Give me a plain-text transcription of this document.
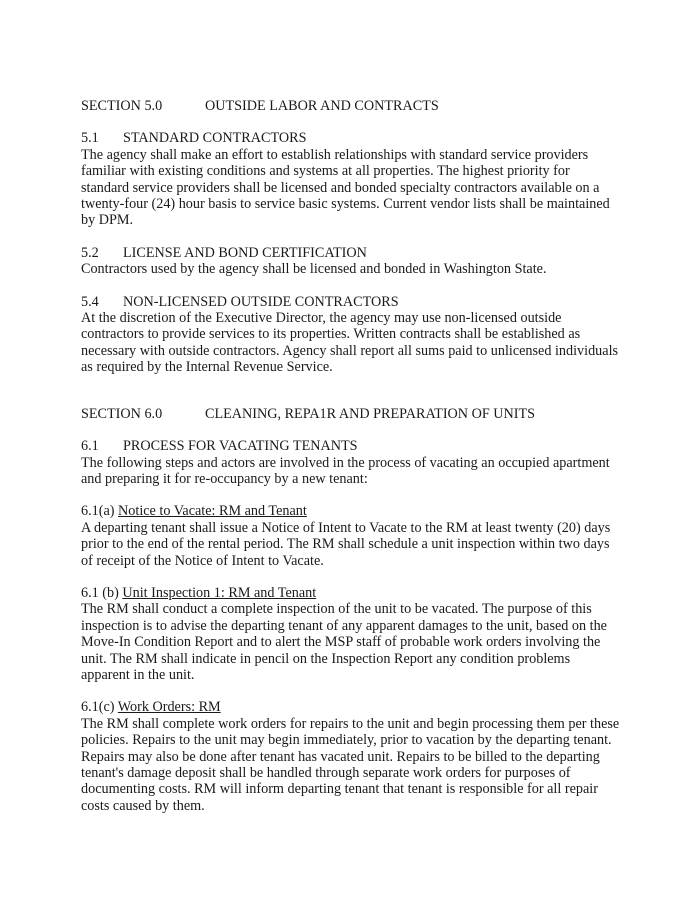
SECTION 5.0	OUTSIDE LABOR AND CONTRACTS
5.1	STANDARD CONTRACTORS

The agency shall make an effort to establish relationships with standard service providers familiar with existing conditions and systems at all properties. The highest priority for standard service providers shall be licensed and bonded specialty contractors available on a twenty-four (24) hour basis to service basic systems. Current vendor lists shall be maintained by DPM.

5.2	LICENSE AND BOND CERTIFICATION

Contractors used by the agency shall be licensed and bonded in Washington State.

5.4	NON-LICENSED OUTSIDE CONTRACTORS

At the discretion of the Executive Director, the agency may use non-licensed outside contractors to provide services to its properties. Written contracts shall be established as necessary with outside contractors. Agency shall report all sums paid to unlicensed individuals as required by the Internal Revenue Service.

SECTION 6.0	CLEANING, REPA1R AND PREPARATION OF UNITS
6.1	PROCESS FOR VACATING TENANTS

The following steps and actors are involved in the process of vacating an occupied apartment and preparing it for re-occupancy by a new tenant:

6.1(a) Notice to Vacate: RM and Tenant

A departing tenant shall issue a Notice of Intent to Vacate to the RM at least twenty (20) days prior to the end of the rental period. The RM shall schedule a unit inspection within two days of receipt of the Notice of Intent to Vacate.

6.1 (b) Unit Inspection 1: RM and Tenant

The RM shall conduct a complete inspection of the unit to be vacated. The purpose of this inspection is to advise the departing tenant of any apparent damages to the unit, based on the Move-In Condition Report and to alert the MSP staff of probable work orders involving the unit. The RM shall indicate in pencil on the Inspection Report any condition problems apparent in the unit.

6.1(c) Work Orders: RM

The RM shall complete work orders for repairs to the unit and begin processing them per these policies. Repairs to the unit may begin immediately, prior to vacation by the departing tenant. Repairs may also be done after tenant has vacated unit. Repairs to be billed to the departing tenant's damage deposit shall be handled through separate work orders for purposes of documenting costs. RM will inform departing tenant that tenant is responsible for all repair costs caused by them.
